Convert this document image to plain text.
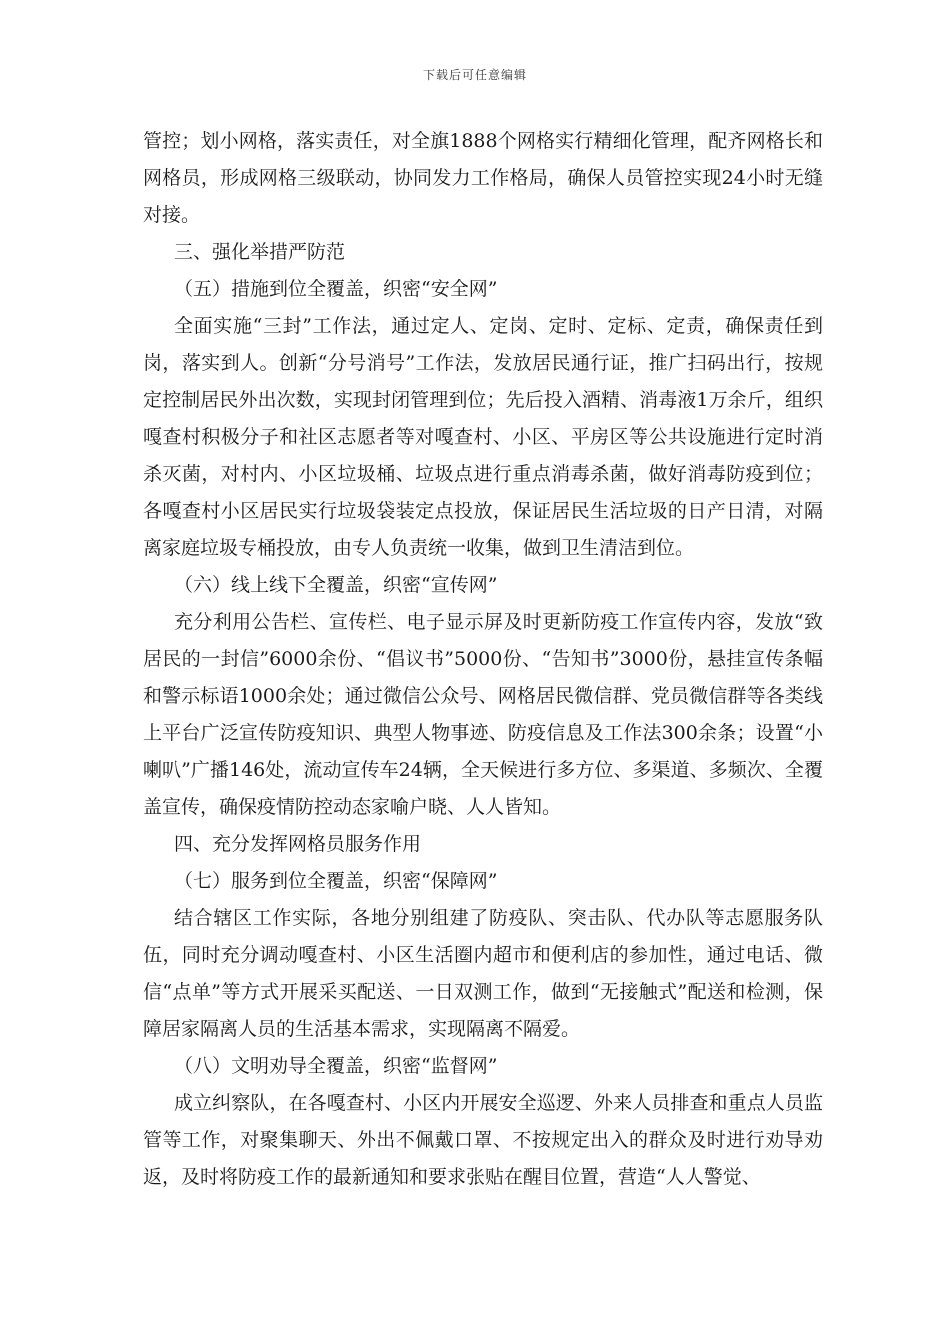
下载后可任意编辑

管控；划小网格，落实责任，对全旗1888个网格实行精细化管理，配齐网格长和网格员，形成网格三级联动，协同发力工作格局，确保人员管控实现24小时无缝对接。

三、强化举措严防范

（五）措施到位全覆盖，织密“安全网”

全面实施“三封”工作法，通过定人、定岗、定时、定标、定责，确保责任到岗，落实到人。创新“分号消号”工作法，发放居民通行证，推广扫码出行，按规定控制居民外出次数，实现封闭管理到位；先后投入酒精、消毒液1万余斤，组织嘎查村积极分子和社区志愿者等对嘎查村、小区、平房区等公共设施进行定时消杀灭菌，对村内、小区垃圾桶、垃圾点进行重点消毒杀菌，做好消毒防疫到位；各嘎查村小区居民实行垃圾袋装定点投放，保证居民生活垃圾的日产日清，对隔离家庭垃圾专桶投放，由专人负责统一收集，做到卫生清洁到位。

（六）线上线下全覆盖，织密“宣传网”

充分利用公告栏、宣传栏、电子显示屏及时更新防疫工作宣传内容，发放“致居民的一封信”6000余份、“倡议书”5000份、“告知书”3000份，悬挂宣传条幅和警示标语1000余处；通过微信公众号、网格居民微信群、党员微信群等各类线上平台广泛宣传防疫知识、典型人物事迹、防疫信息及工作法300余条；设置“小喇叭”广播146处，流动宣传车24辆，全天候进行多方位、多渠道、多频次、全覆盖宣传，确保疫情防控动态家喻户晓、人人皆知。

四、充分发挥网格员服务作用

（七）服务到位全覆盖，织密“保障网”

结合辖区工作实际，各地分别组建了防疫队、突击队、代办队等志愿服务队伍，同时充分调动嘎查村、小区生活圈内超市和便利店的参加性，通过电话、微信“点单”等方式开展采买配送、一日双测工作，做到“无接触式”配送和检测，保障居家隔离人员的生活基本需求，实现隔离不隔爱。

（八）文明劝导全覆盖，织密“监督网”

成立纠察队，在各嘎查村、小区内开展安全巡逻、外来人员排查和重点人员监管等工作，对聚集聊天、外出不佩戴口罩、不按规定出入的群众及时进行劝导劝返，及时将防疫工作的最新通知和要求张贴在醒目位置，营造“人人警觉、
